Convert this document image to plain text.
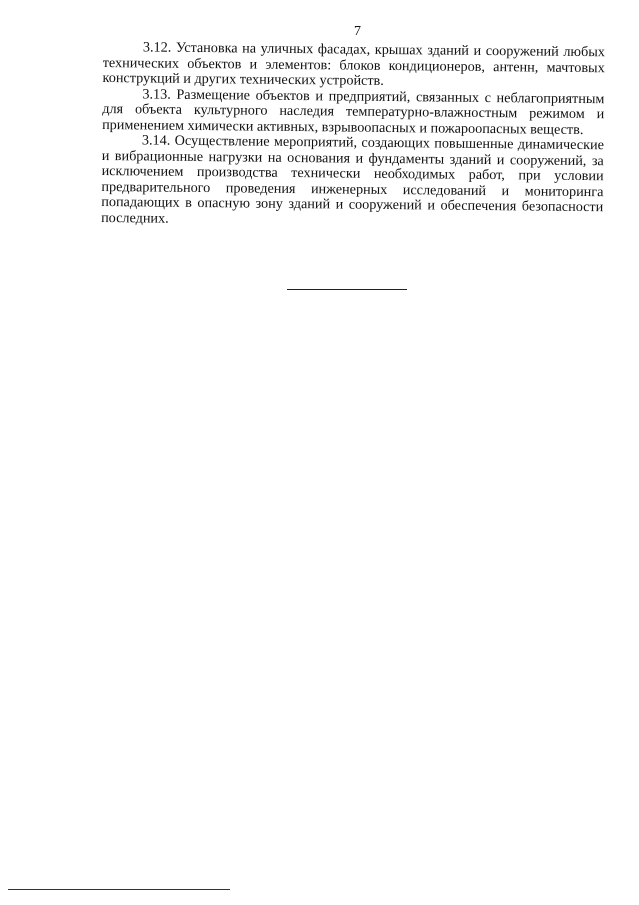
7

3.12. Установка на уличных фасадах, крышах зданий и сооружений любых технических объектов и элементов: блоков кондиционеров, антенн, мачтовых конструкций и других технических устройств.

3.13. Размещение объектов и предприятий, связанных с неблагоприятным для объекта культурного наследия температурно-влажностным режимом и применением химически активных, взрывоопасных и пожароопасных веществ.

3.14. Осуществление мероприятий, создающих повышенные динамические и вибрационные нагрузки на основания и фундаменты зданий и сооружений, за исключением производства технически необходимых работ, при условии предварительного проведения инженерных исследований и мониторинга попадающих в опасную зону зданий и сооружений и обеспечения безопасности последних.
